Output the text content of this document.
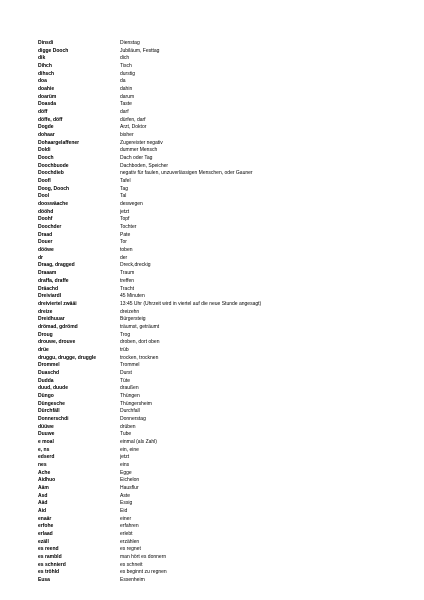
Dinsdi	Dienstag
digge Dooch	Jubiläum, Festtag
dik	dich
Dihch	Tisch
dihsch	durstig
doa	da
doahie	dahin
doarüm	darum
Doasda	Taste
döff	darf
döffe, döff	dürfen, darf
Dogde	Arzt, Doktor
dohaar	bisher
Dohaargelaffener	Zugereister negativ
Doldi	dummer Mensch
Dooch	Dach oder Tag
Doochbuode	Dachboden, Speicher
Doochdieb	negativ für faulen, unzuverlässigen Menschen, oder Gauner
Doofl	Tafel
Doog, Dooch	Tag
Dool	Tal
dooswäache	deswegen
dööhd	jetzt
Doohf	Topf
Doochder	Tochter
Draad	Pate
Douer	Tor
dööwe	toben
dr	der
Draag, dragged	Dreck,dreckig
Draaam	Traum
draffa, draffe	treffen
Dräachd	Tracht
Dreiviardl	45 Minuten
dreiviertel zwääi	13:45 Uhr (Uhrzeit wird in viertel auf die neue Stunde angesagt)
dreize	dreizehn
Dreidhuuar	Bürgersteig
drömad, gdrömd	träumst, geträumt
Droug	Trog
drouwe, drouve	droben, dort oben
drüe	trüb
druggu, drugge, druggle	trocken, trocknen
Drommel	Trommel
Duaschd	Durst
Dudda	Tüte
duud, duude	draußen
Düngo	Thüngen
Düngesche	Thüngersheim
Dürchfäll	Durchfall
Donnerschdi	Donnerstag
düüwe	drüben
Duuwe	Tube
e moal	einmal (als Zahl)
e, ns	ein, eine
edserd	jetzt
nes	eins
Äche	Egge
Äidhuo	Eichelon
Ääm	Hausflur
Äsd	Äste
Ääd	Essig
Äid	Eid
enaär	einer
erfohe	erfahren
erlaad	erlebt
ezäll	erzählen
es reend	es regnet
es rambld	man hört es donnern
es schnierd	es schneit
es tröhld	es beginnt zu regnen
Eusa	Essenheim
